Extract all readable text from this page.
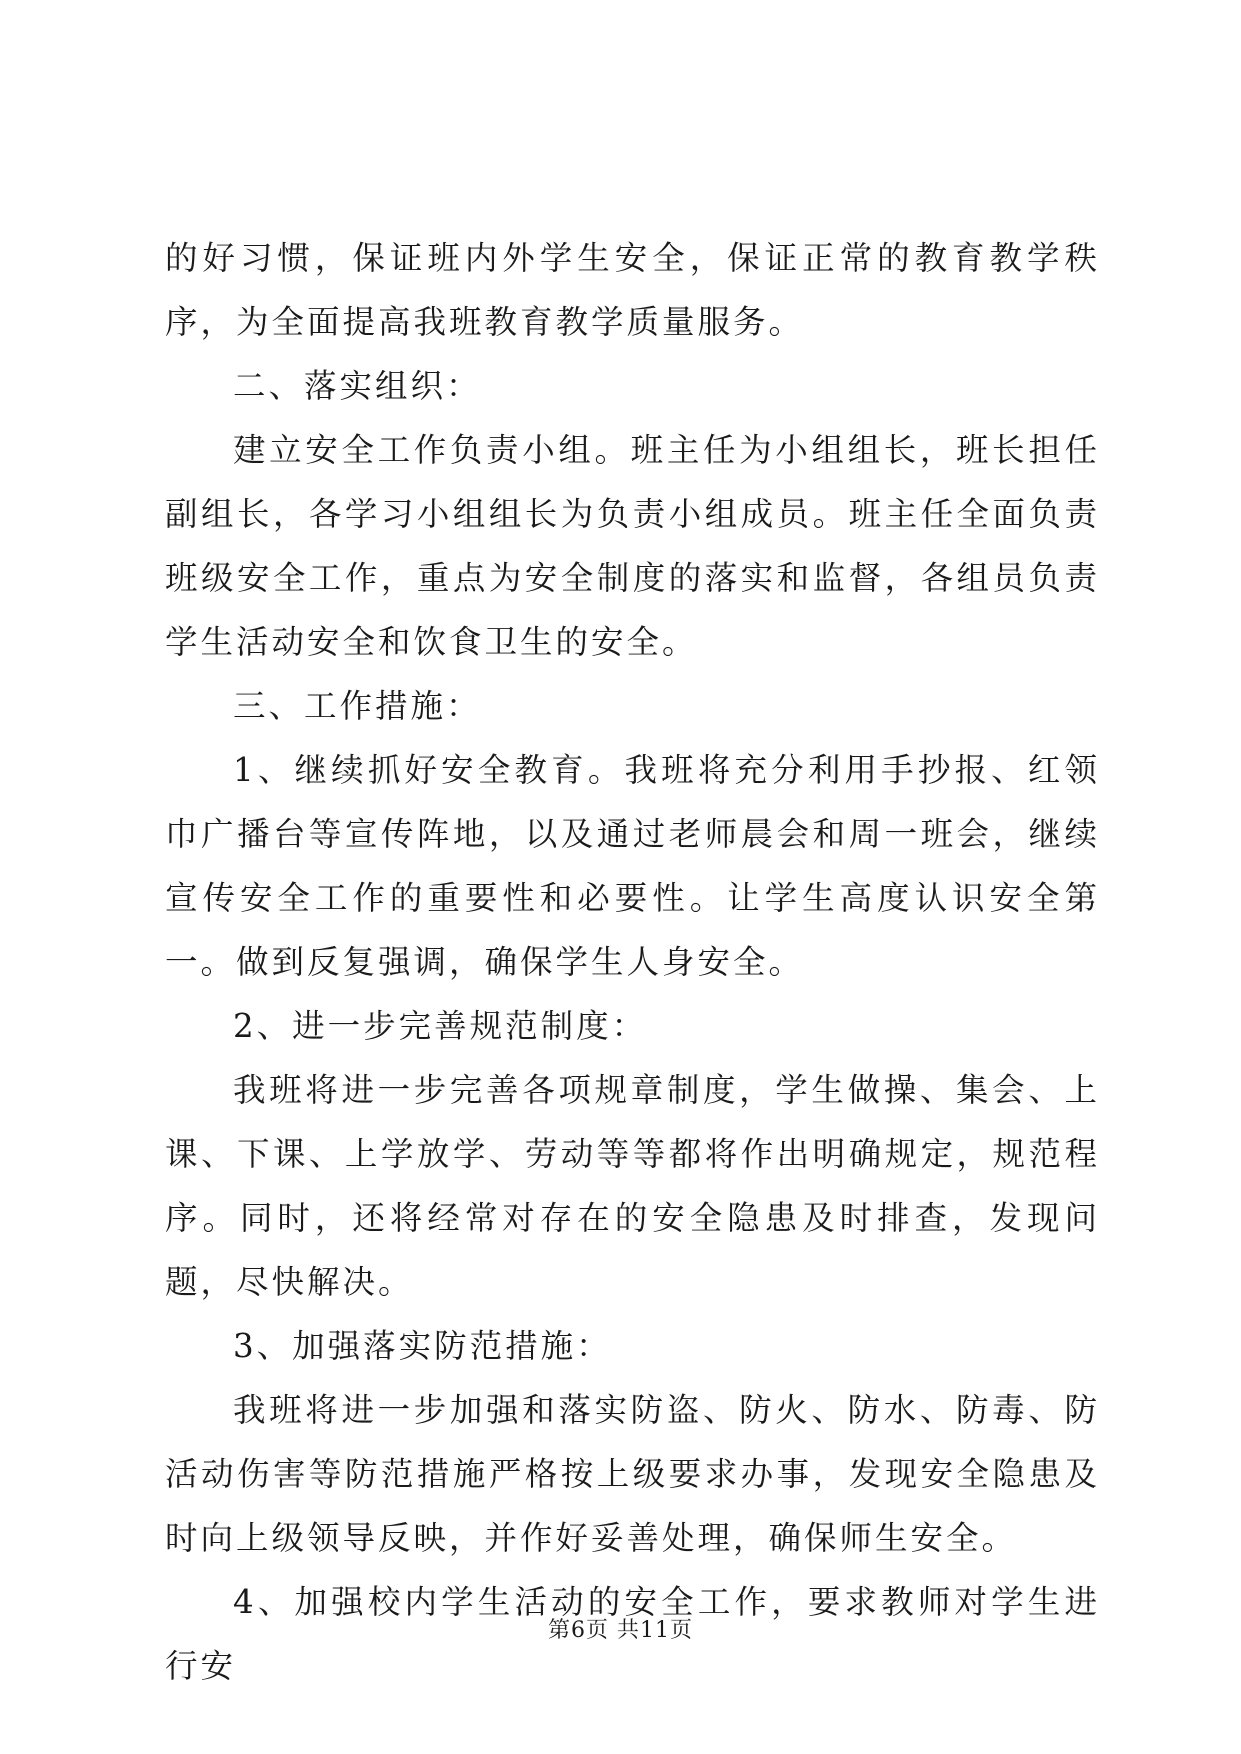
的好习惯，保证班内外学生安全，保证正常的教育教学秩序，为全面提高我班教育教学质量服务。

二、落实组织：

建立安全工作负责小组。班主任为小组组长，班长担任副组长，各学习小组组长为负责小组成员。班主任全面负责班级安全工作，重点为安全制度的落实和监督，各组员负责学生活动安全和饮食卫生的安全。

三、工作措施：

1、继续抓好安全教育。我班将充分利用手抄报、红领巾广播台等宣传阵地，以及通过老师晨会和周一班会，继续宣传安全工作的重要性和必要性。让学生高度认识安全第一。做到反复强调，确保学生人身安全。

2、进一步完善规范制度：

我班将进一步完善各项规章制度，学生做操、集会、上课、下课、上学放学、劳动等等都将作出明确规定，规范程序。同时，还将经常对存在的安全隐患及时排查，发现问题，尽快解决。

3、加强落实防范措施：

我班将进一步加强和落实防盗、防火、防水、防毒、防活动伤害等防范措施严格按上级要求办事，发现安全隐患及时向上级领导反映，并作好妥善处理，确保师生安全。

4、加强校内学生活动的安全工作，要求教师对学生进行安

第6页 共11页
